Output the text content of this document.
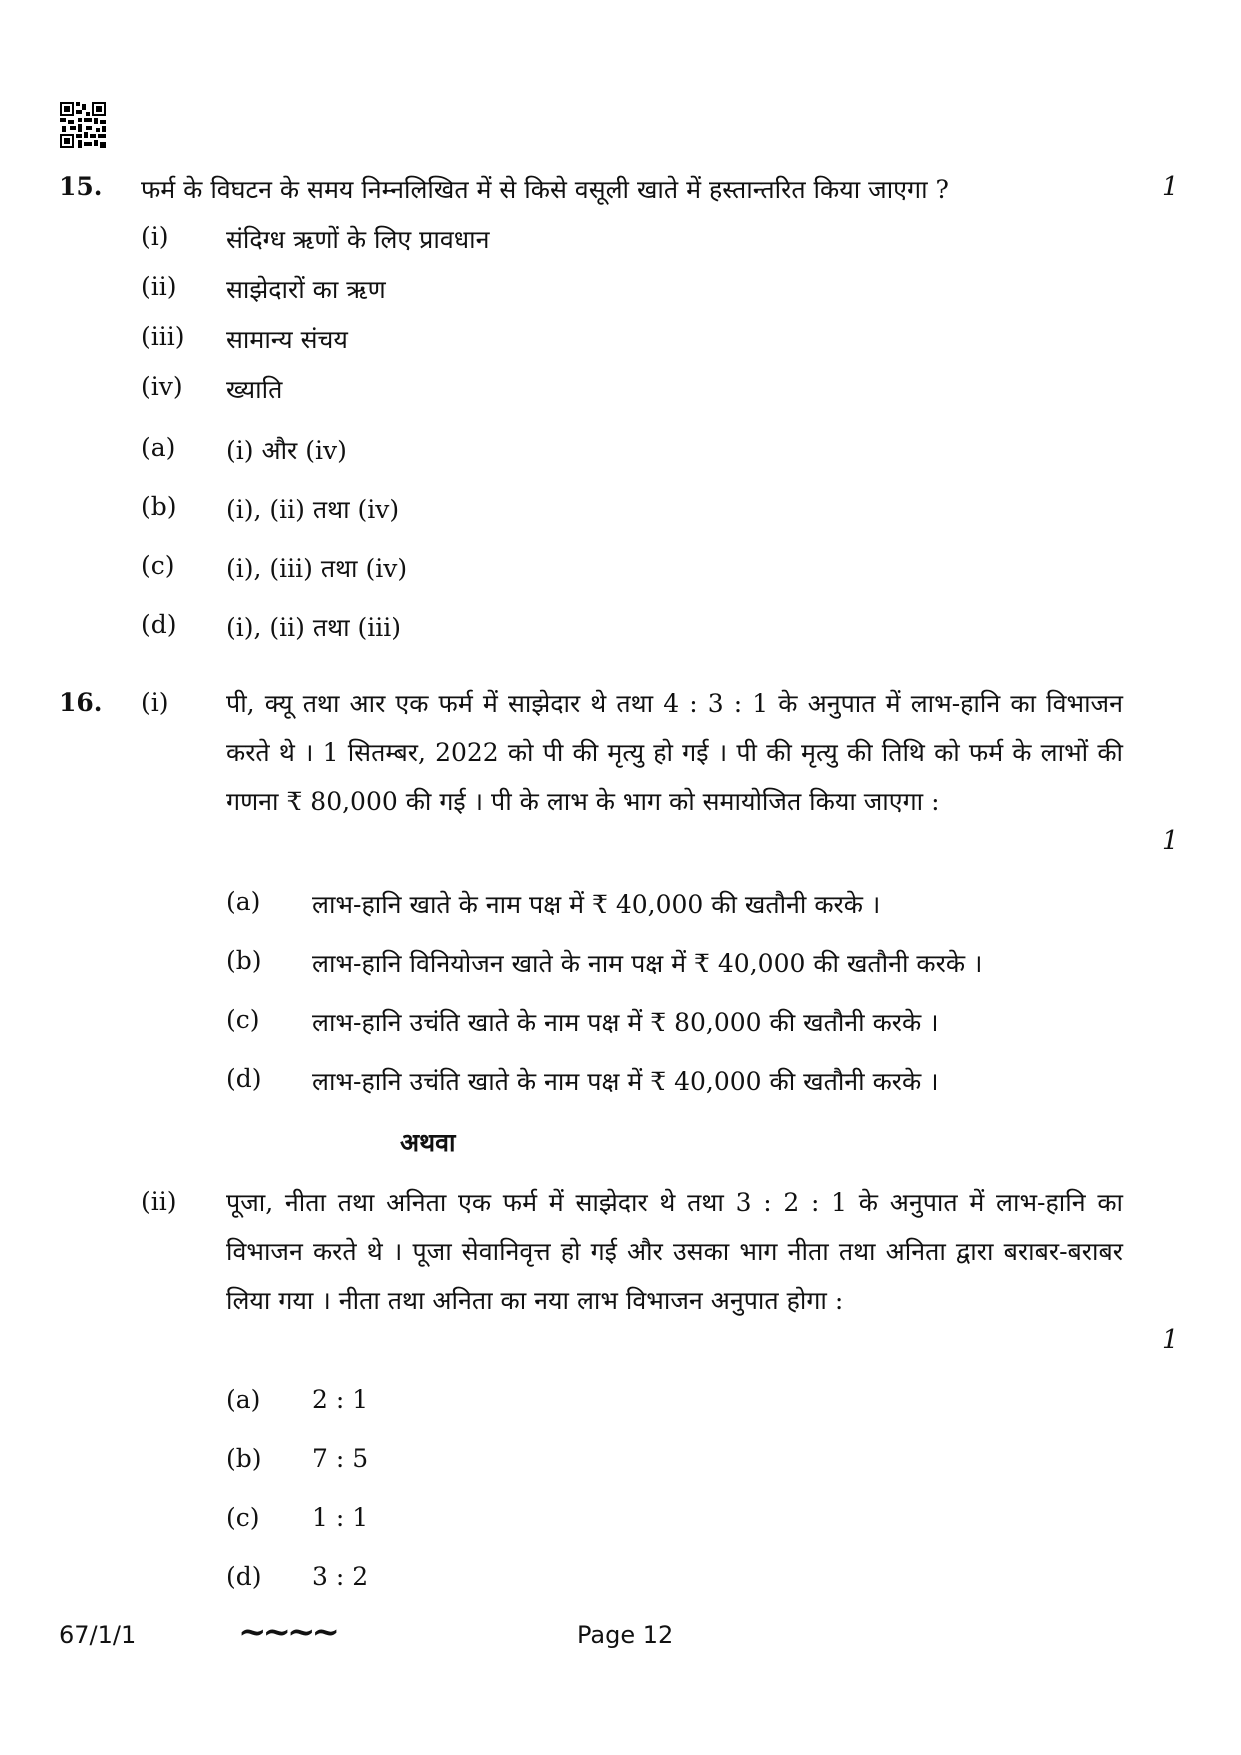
15. फर्म के विघटन के समय निम्नलिखित में से किसे वसूली खाते में हस्तान्तरित किया जाएगा ?	1
(i) संदिग्ध ऋणों के लिए प्रावधान
(ii) साझेदारों का ऋण
(iii) सामान्य संचय
(iv) ख्याति
(a) (i) और (iv)
(b) (i), (ii) तथा (iv)
(c) (i), (iii) तथा (iv)
(d) (i), (ii) तथा (iii)
16. (i) पी, क्यू तथा आर एक फर्म में साझेदार थे तथा 4 : 3 : 1 के अनुपात में लाभ-हानि का विभाजन करते थे । 1 सितम्बर, 2022 को पी की मृत्यु हो गई । पी की मृत्यु की तिथि को फर्म के लाभों की गणना ₹ 80,000 की गई । पी के लाभ के भाग को समायोजित किया जाएगा :
1
(a) लाभ-हानि खाते के नाम पक्ष में ₹ 40,000 की खतौनी करके ।
(b) लाभ-हानि विनियोजन खाते के नाम पक्ष में ₹ 40,000 की खतौनी करके ।
(c) लाभ-हानि उचंति खाते के नाम पक्ष में ₹ 80,000 की खतौनी करके ।
(d) लाभ-हानि उचंति खाते के नाम पक्ष में ₹ 40,000 की खतौनी करके ।
अथवा
(ii) पूजा, नीता तथा अनिता एक फर्म में साझेदार थे तथा 3 : 2 : 1 के अनुपात में लाभ-हानि का विभाजन करते थे । पूजा सेवानिवृत्त हो गई और उसका भाग नीता तथा अनिता द्वारा बराबर-बराबर लिया गया । नीता तथा अनिता का नया लाभ विभाजन अनुपात होगा :
1
(a) 2 : 1
(b) 7 : 5
(c) 1 : 1
(d) 3 : 2
67/1/1	~~~~	Page 12
